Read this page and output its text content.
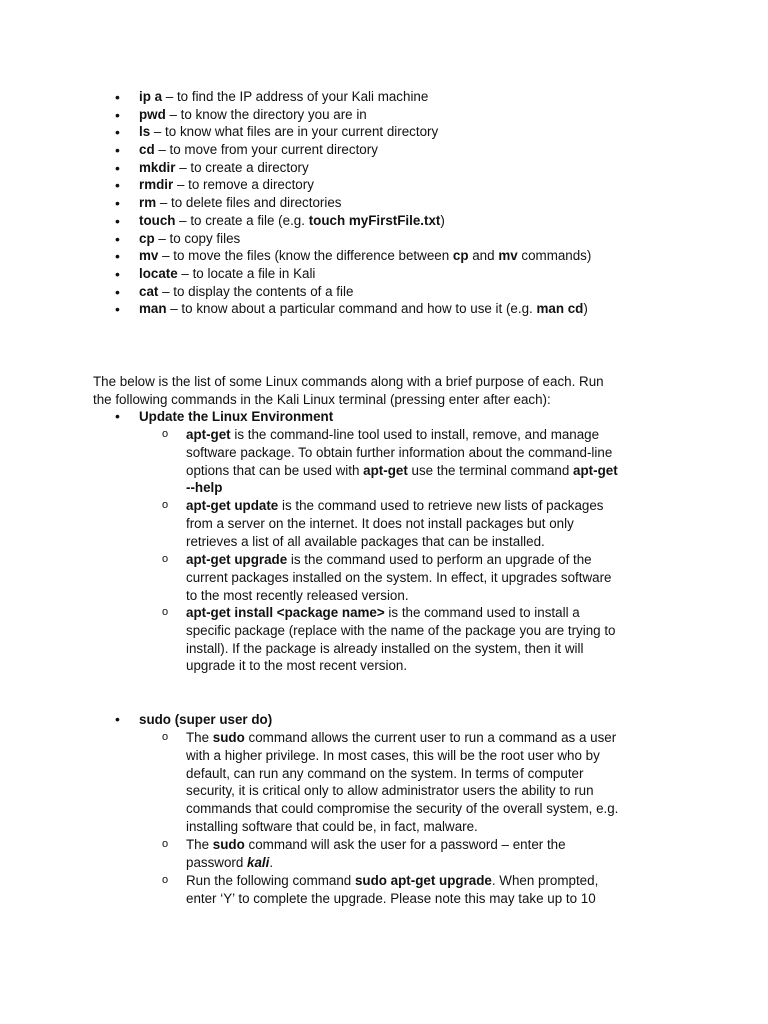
• ip a – to find the IP address of your Kali machine
• pwd – to know the directory you are in
• ls – to know what files are in your current directory
• cd – to move from your current directory
• mkdir – to create a directory
• rmdir – to remove a directory
• rm – to delete files and directories
• touch – to create a file (e.g. touch myFirstFile.txt)
• cp – to copy files
• mv – to move the files (know the difference between cp and mv commands)
• locate – to locate a file in Kali
• cat – to display the contents of a file
• man – to know about a particular command and how to use it (e.g. man cd)
The below is the list of some Linux commands along with a brief purpose of each. Run
the following commands in the Kali Linux terminal (pressing enter after each):
• Update the Linux Environment
o apt-get is the command-line tool used to install, remove, and manage
software package. To obtain further information about the command-line
options that can be used with apt-get use the terminal command apt-get
--help
o apt-get update is the command used to retrieve new lists of packages
from a server on the internet. It does not install packages but only
retrieves a list of all available packages that can be installed.
o apt-get upgrade is the command used to perform an upgrade of the
current packages installed on the system. In effect, it upgrades software
to the most recently released version.
o apt-get install <package name> is the command used to install a
specific package (replace with the name of the package you are trying to
install). If the package is already installed on the system, then it will
upgrade it to the most recent version.
• sudo (super user do)
o The sudo command allows the current user to run a command as a user
with a higher privilege. In most cases, this will be the root user who by
default, can run any command on the system. In terms of computer
security, it is critical only to allow administrator users the ability to run
commands that could compromise the security of the overall system, e.g.
installing software that could be, in fact, malware.
o The sudo command will ask the user for a password – enter the
password kali.
o Run the following command sudo apt-get upgrade. When prompted,
enter ‘Y’ to complete the upgrade. Please note this may take up to 10
